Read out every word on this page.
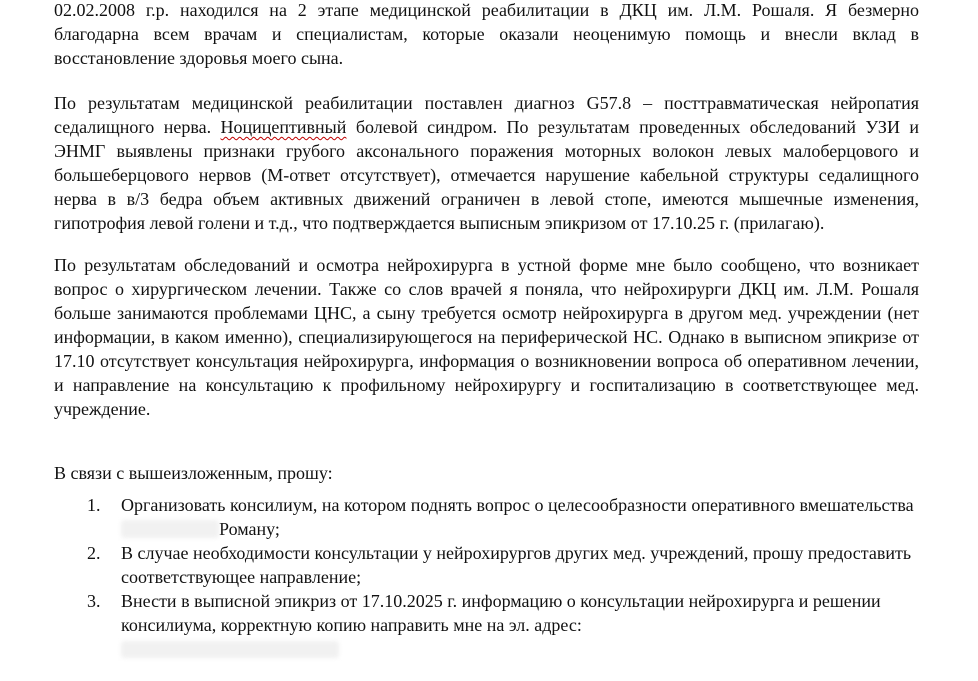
02.02.2008 г.р. находился на 2 этапе медицинской реабилитации в ДКЦ им. Л.М. Рошаля. Я безмерно благодарна всем врачам и специалистам, которые оказали неоценимую помощь и внесли вклад в восстановление здоровья моего сына.

По результатам медицинской реабилитации поставлен диагноз G57.8 – посттравматическая нейропатия седалищного нерва. Ноцицептивный болевой синдром. По результатам проведенных обследований УЗИ и ЭНМГ выявлены признаки грубого аксонального поражения моторных волокон левых малоберцового и большеберцового нервов (М-ответ отсутствует), отмечается нарушение кабельной структуры седалищного нерва в в/3 бедра объем активных движений ограничен в левой стопе, имеются мышечные изменения, гипотрофия левой голени и т.д., что подтверждается выписным эпикризом от 17.10.25 г. (прилагаю).

По результатам обследований и осмотра нейрохирурга в устной форме мне было сообщено, что возникает вопрос о хирургическом лечении. Также со слов врачей я поняла, что нейрохирурги ДКЦ им. Л.М. Рошаля больше занимаются проблемами ЦНС, а сыну требуется осмотр нейрохирурга в другом мед. учреждении (нет информации, в каком именно), специализирующегося на периферической НС. Однако в выписном эпикризе от 17.10 отсутствует консультация нейрохирурга, информация о возникновении вопроса об оперативном лечении, и направление на консультацию к профильному нейрохирургу и госпитализацию в соответствующее мед. учреждение.

В связи с вышеизложенным, прошу:

1. Организовать консилиум, на котором поднять вопрос о целесообразности оперативного вмешательстваРоману;
2. В случае необходимости консультации у нейрохирургов других мед. учреждений, прошу предоставить соответствующее направление;
3. Внести в выписной эпикриз от 17.10.2025 г. информацию о консультации нейрохирурга и решении консилиума, корректную копию направить мне на эл. адрес:
